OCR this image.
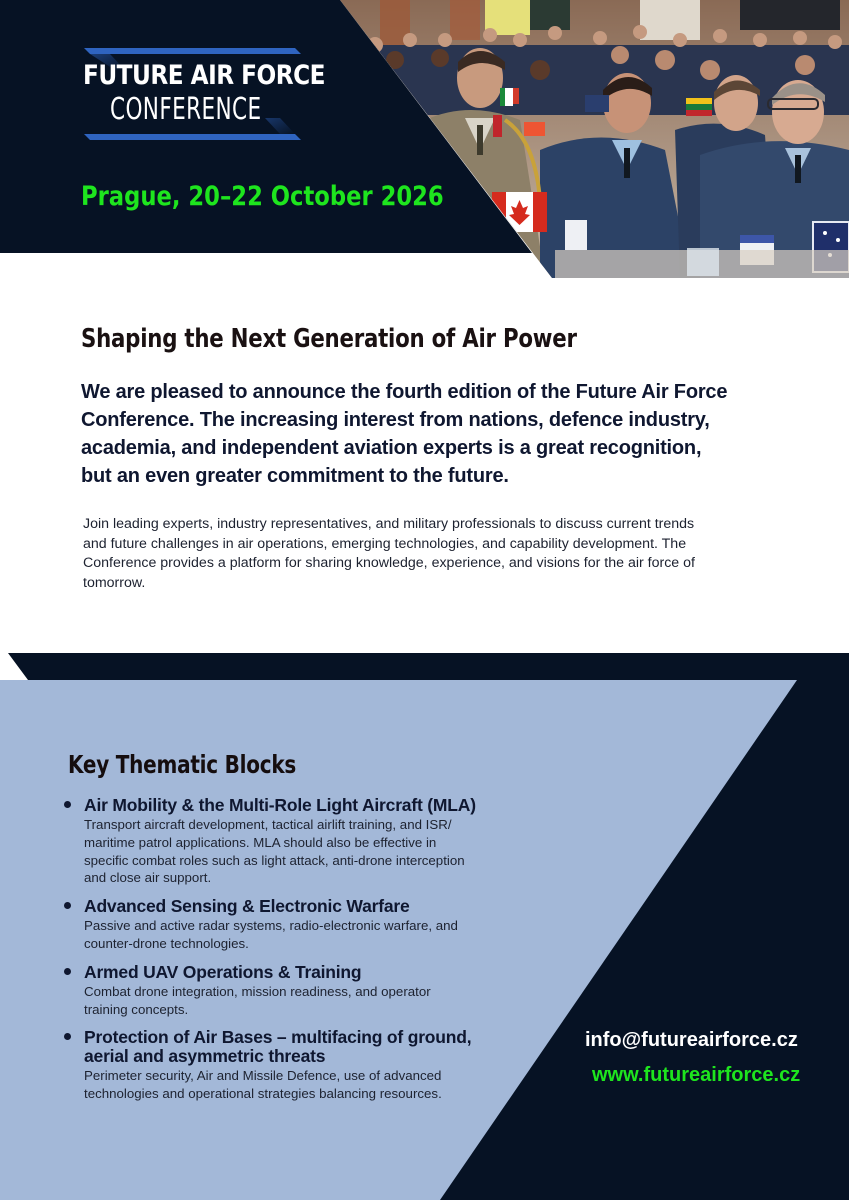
FUTURE AIR FORCE
CONFERENCE
Prague, 20–22 October 2026
Shaping the Next Generation of Air Power
We are pleased to announce the fourth edition of the Future Air Force
Conference. The increasing interest from nations, defence industry,
academia, and independent aviation experts is a great recognition,
but an even greater commitment to the future.
Join leading experts, industry representatives, and military professionals to discuss current trends
and future challenges in air operations, emerging technologies, and capability development. The
Conference provides a platform for sharing knowledge, experience, and visions for the air force of
tomorrow.
Key Thematic Blocks
Air Mobility & the Multi-Role Light Aircraft (MLA)
Transport aircraft development, tactical airlift training, and ISR/
maritime patrol applications. MLA should also be effective in
specific combat roles such as light attack, anti-drone interception
and close air support.
Advanced Sensing & Electronic Warfare
Passive and active radar systems, radio-electronic warfare, and
counter-drone technologies.
Armed UAV Operations & Training
Combat drone integration, mission readiness, and operator
training concepts.
Protection of Air Bases – multifacing of ground,
aerial and asymmetric threats
Perimeter security, Air and Missile Defence, use of advanced
technologies and operational strategies balancing resources.
info@futureairforce.cz
www.futureairforce.cz
